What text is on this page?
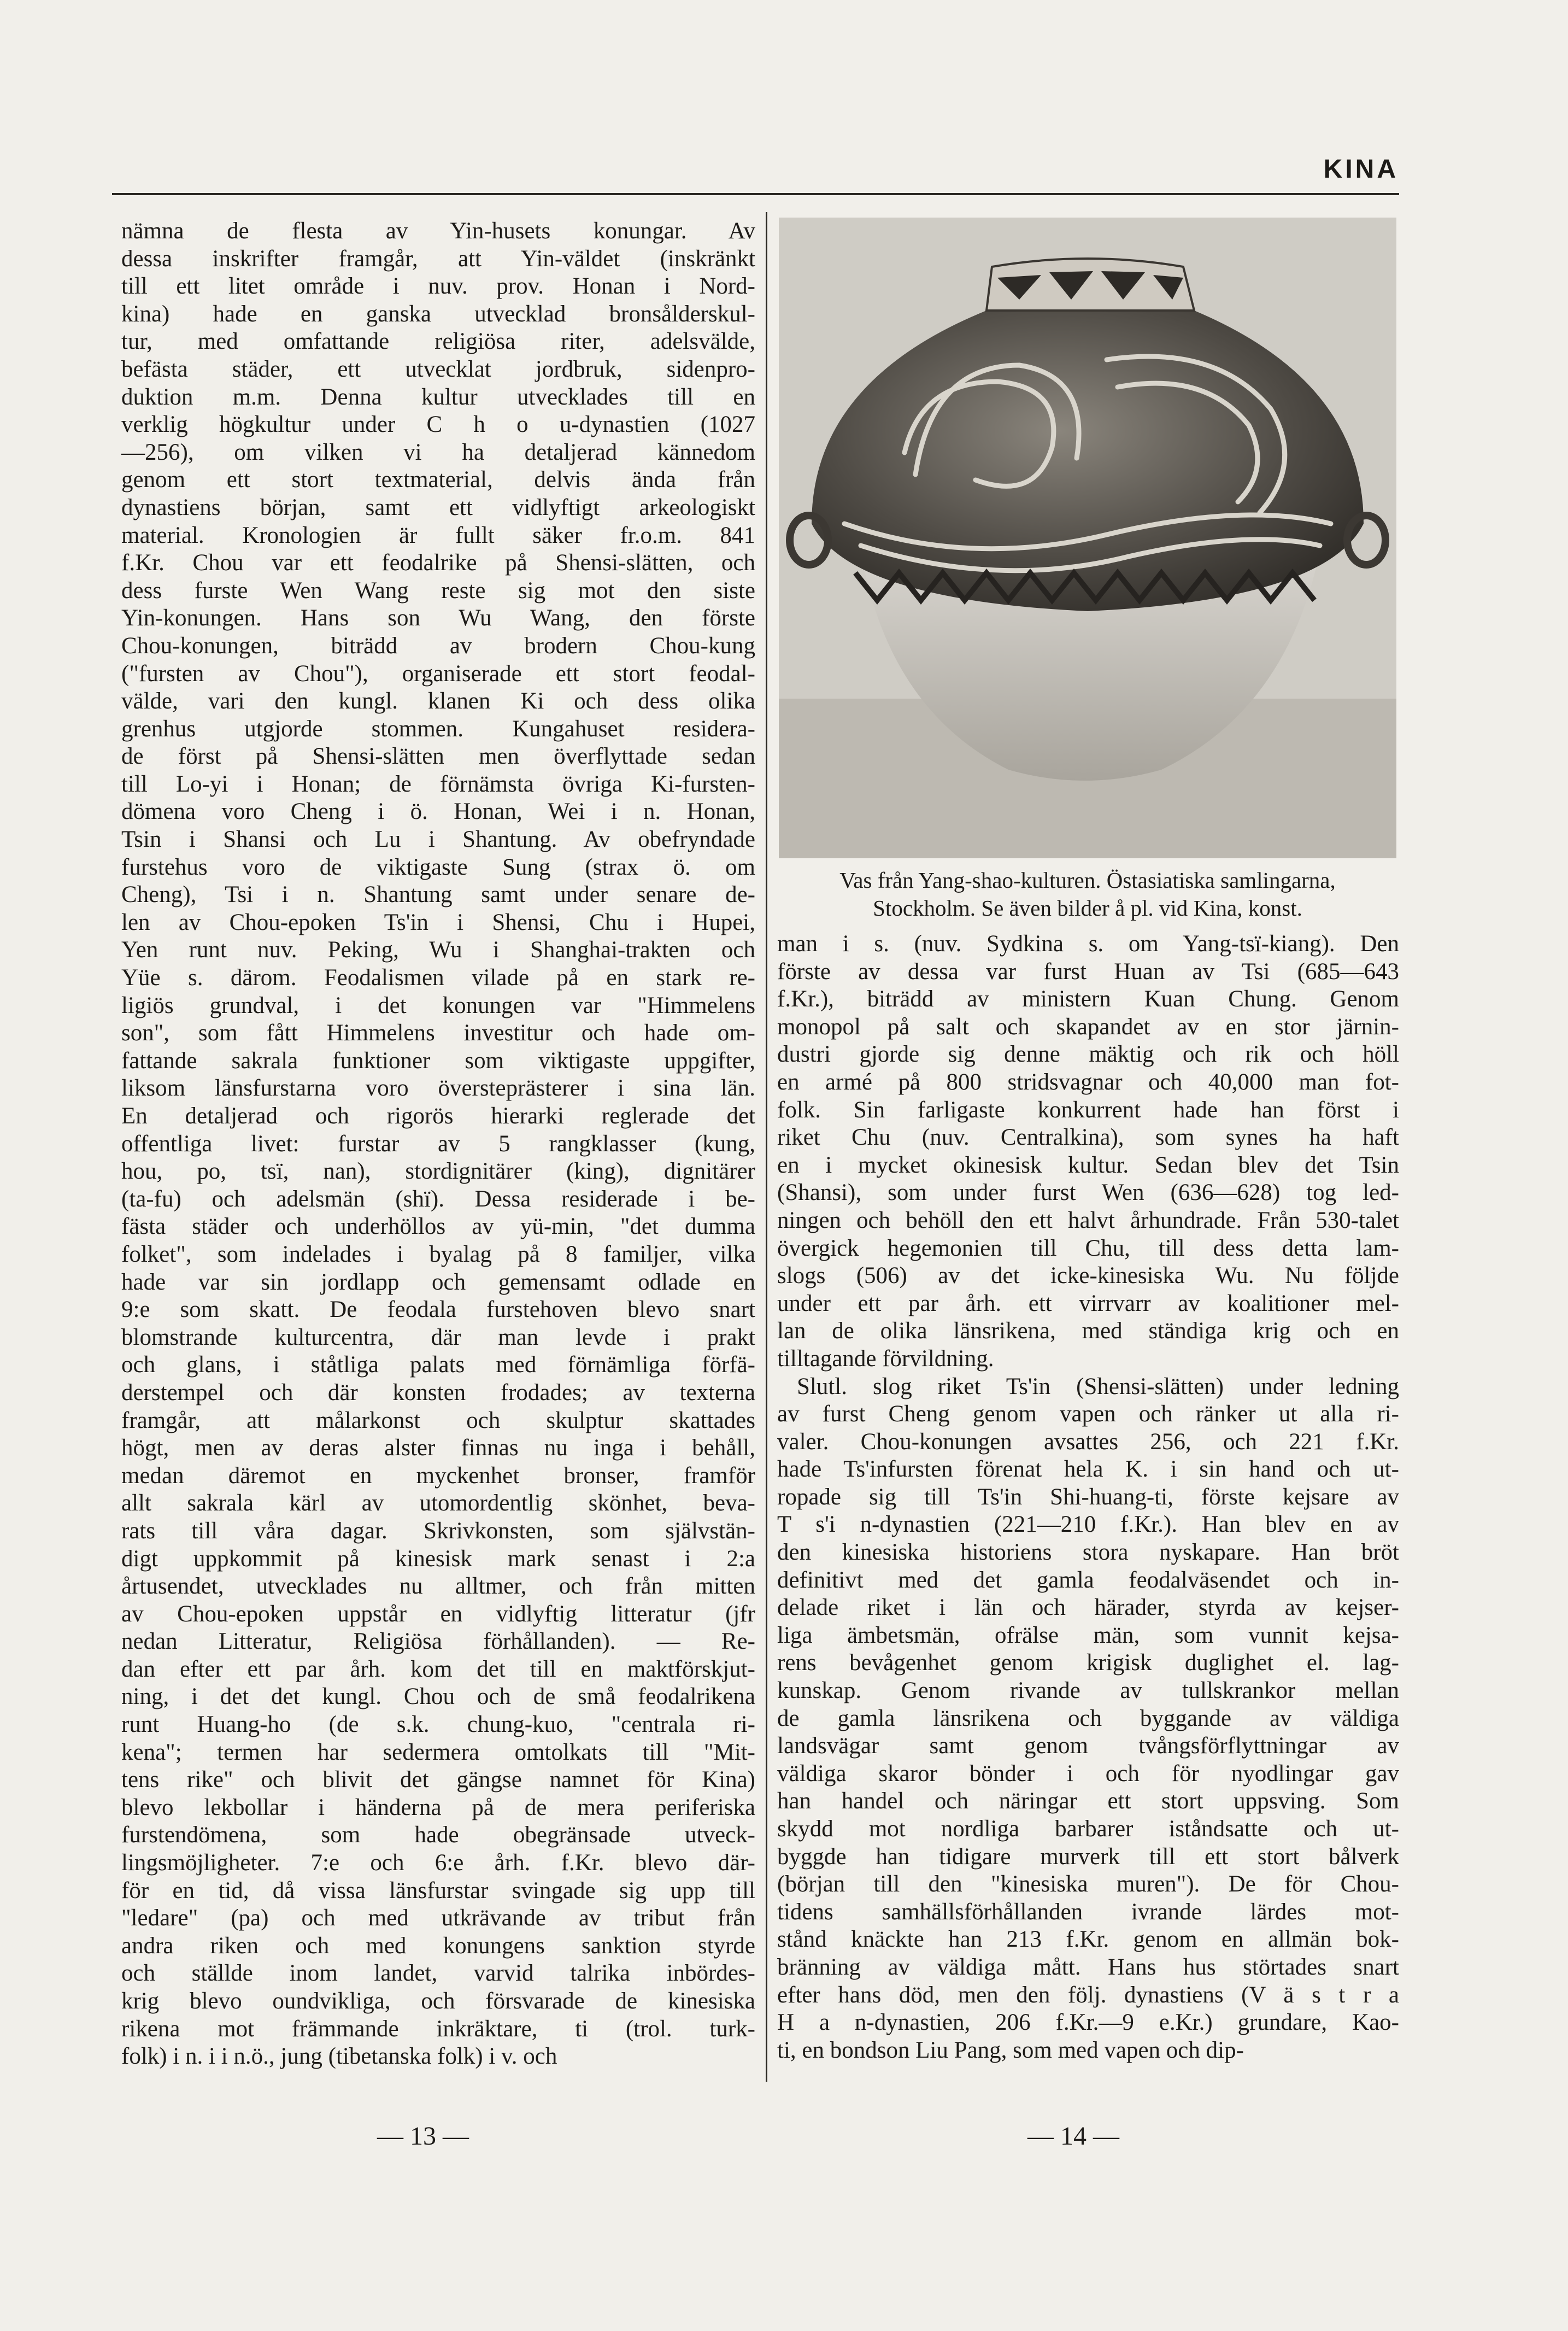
KINA
nämna de flesta av Yin-husets konungar. Av
dessa inskrifter framgår, att Yin-väldet (inskränkt
till ett litet område i nuv. prov. Honan i Nord-
kina) hade en ganska utvecklad bronsålderskul-
tur, med omfattande religiösa riter, adelsvälde,
befästa städer, ett utvecklat jordbruk, sidenpro-
duktion m.m. Denna kultur utvecklades till en
verklig högkultur under C h o u-dynastien (1027
—256), om vilken vi ha detaljerad kännedom
genom ett stort textmaterial, delvis ända från
dynastiens början, samt ett vidlyftigt arkeologiskt
material. Kronologien är fullt säker fr.o.m. 841
f.Kr. Chou var ett feodalrike på Shensi-slätten, och
dess furste Wen Wang reste sig mot den siste
Yin-konungen. Hans son Wu Wang, den förste
Chou-konungen, biträdd av brodern Chou-kung
("fursten av Chou"), organiserade ett stort feodal-
välde, vari den kungl. klanen Ki och dess olika
grenhus utgjorde stommen. Kungahuset residera-
de först på Shensi-slätten men överflyttade sedan
till Lo-yi i Honan; de förnämsta övriga Ki-fursten-
dömena voro Cheng i ö. Honan, Wei i n. Honan,
Tsin i Shansi och Lu i Shantung. Av obefryndade
furstehus voro de viktigaste Sung (strax ö. om
Cheng), Tsi i n. Shantung samt under senare de-
len av Chou-epoken Ts'in i Shensi, Chu i Hupei,
Yen runt nuv. Peking, Wu i Shanghai-trakten och
Yüe s. därom. Feodalismen vilade på en stark re-
ligiös grundval, i det konungen var "Himmelens
son", som fått Himmelens investitur och hade om-
fattande sakrala funktioner som viktigaste uppgifter,
liksom länsfurstarna voro översteprästerer i sina län.
En detaljerad och rigorös hierarki reglerade det
offentliga livet: furstar av 5 rangklasser (kung,
hou, po, tsï, nan), stordignitärer (king), dignitärer
(ta-fu) och adelsmän (shï). Dessa residerade i be-
fästa städer och underhöllos av yü-min, "det dumma
folket", som indelades i byalag på 8 familjer, vilka
hade var sin jordlapp och gemensamt odlade en
9:e som skatt. De feodala furstehoven blevo snart
blomstrande kulturcentra, där man levde i prakt
och glans, i ståtliga palats med förnämliga förfä-
derstempel och där konsten frodades; av texterna
framgår, att målarkonst och skulptur skattades
högt, men av deras alster finnas nu inga i behåll,
medan däremot en myckenhet bronser, framför
allt sakrala kärl av utomordentlig skönhet, beva-
rats till våra dagar. Skrivkonsten, som självstän-
digt uppkommit på kinesisk mark senast i 2:a
årtusendet, utvecklades nu alltmer, och från mitten
av Chou-epoken uppstår en vidlyftig litteratur (jfr
nedan Litteratur, Religiösa förhållanden). — Re-
dan efter ett par årh. kom det till en maktförskjut-
ning, i det det kungl. Chou och de små feodalrikena
runt Huang-ho (de s.k. chung-kuo, "centrala ri-
kena"; termen har sedermera omtolkats till "Mit-
tens rike" och blivit det gängse namnet för Kina)
blevo lekbollar i händerna på de mera periferiska
furstendömena, som hade obegränsade utveck-
lingsmöjligheter. 7:e och 6:e årh. f.Kr. blevo där-
för en tid, då vissa länsfurstar svingade sig upp till
"ledare" (pa) och med utkrävande av tribut från
andra riken och med konungens sanktion styrde
och ställde inom landet, varvid talrika inbördes-
krig blevo oundvikliga, och försvarade de kinesiska
rikena mot främmande inkräktare, ti (trol. turk-
folk) i n. i i n.ö., jung (tibetanska folk) i v. och
Vas från Yang-shao-kulturen. Östasiatiska samlingarna,
Stockholm. Se även bilder å pl. vid Kina, konst.
man i s. (nuv. Sydkina s. om Yang-tsï-kiang). Den
förste av dessa var furst Huan av Tsi (685—643
f.Kr.), biträdd av ministern Kuan Chung. Genom
monopol på salt och skapandet av en stor järnin-
dustri gjorde sig denne mäktig och rik och höll
en armé på 800 stridsvagnar och 40,000 man fot-
folk. Sin farligaste konkurrent hade han först i
riket Chu (nuv. Centralkina), som synes ha haft
en i mycket okinesisk kultur. Sedan blev det Tsin
(Shansi), som under furst Wen (636—628) tog led-
ningen och behöll den ett halvt århundrade. Från 530-talet
övergick hegemonien till Chu, till dess detta lam-
slogs (506) av det icke-kinesiska Wu. Nu följde
under ett par årh. ett virrvarr av koalitioner mel-
lan de olika länsrikena, med ständiga krig och en
tilltagande förvildning.
Slutl. slog riket Ts'in (Shensi-slätten) under ledning
av furst Cheng genom vapen och ränker ut alla ri-
valer. Chou-konungen avsattes 256, och 221 f.Kr.
hade Ts'infursten förenat hela K. i sin hand och ut-
ropade sig till Ts'in Shi-huang-ti, förste kejsare av
T s'i n-dynastien (221—210 f.Kr.). Han blev en av
den kinesiska historiens stora nyskapare. Han bröt
definitivt med det gamla feodalväsendet och in-
delade riket i län och härader, styrda av kejser-
liga ämbetsmän, ofrälse män, som vunnit kejsa-
rens bevågenhet genom krigisk duglighet el. lag-
kunskap. Genom rivande av tullskrankor mellan
de gamla länsrikena och byggande av väldiga
landsvägar samt genom tvångsförflyttningar av
väldiga skaror bönder i och för nyodlingar gav
han handel och näringar ett stort uppsving. Som
skydd mot nordliga barbarer iståndsatte och ut-
byggde han tidigare murverk till ett stort bålverk
(början till den "kinesiska muren"). De för Chou-
tidens samhällsförhållanden ivrande lärdes mot-
stånd knäckte han 213 f.Kr. genom en allmän bok-
bränning av väldiga mått. Hans hus störtades snart
efter hans död, men den följ. dynastiens (V ä s t r a
H a n-dynastien, 206 f.Kr.—9 e.Kr.) grundare, Kao-
ti, en bondson Liu Pang, som med vapen och dip-
— 13 —	— 14 —
